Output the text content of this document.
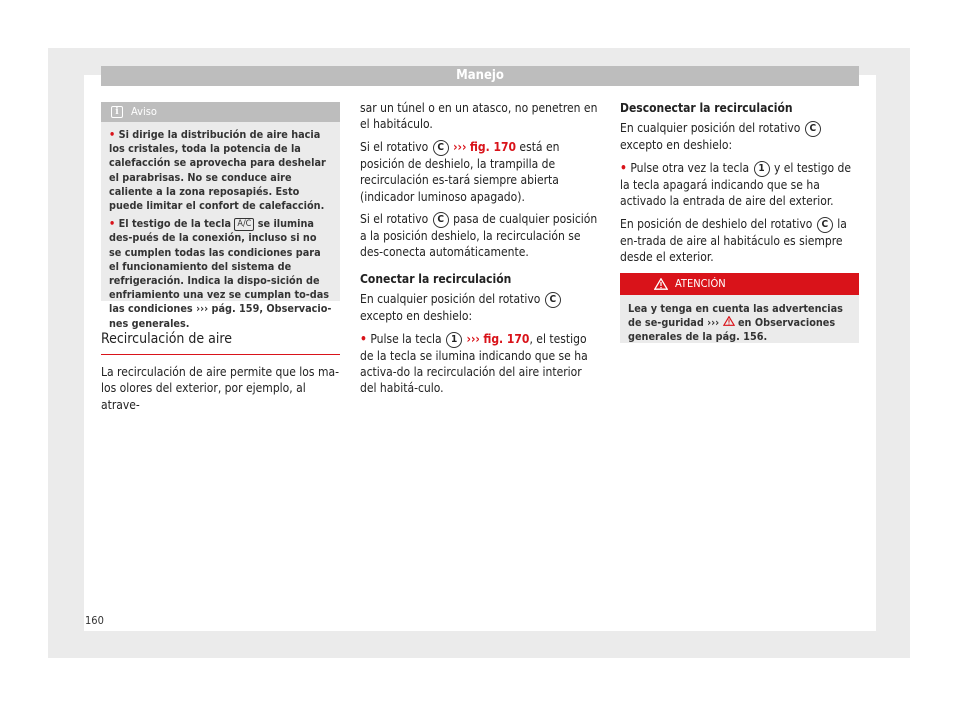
Manejo
i	Aviso

• Si dirige la distribución de aire hacia los cristales, toda la potencia de la calefacción se aprovecha para deshelar el parabrisas. No se conduce aire caliente a la zona reposapiés. Esto puede limitar el confort de calefacción.

• El testigo de la tecla A/C se ilumina des-pués de la conexión, incluso si no se cumplen todas las condiciones para el funcionamiento del sistema de refrigeración. Indica la dispo-sición de enfriamiento una vez se cumplan to-das las condiciones ››› pág. 159, Observacio-nes generales.

Recirculación de aire

La recirculación de aire permite que los ma-los olores del exterior, por ejemplo, al atrave-

sar un túnel o en un atasco, no penetren en el habitáculo.

Si el rotativo C ››› fig. 170 está en posición de deshielo, la trampilla de recirculación es-tará siempre abierta (indicador luminoso apagado).

Si el rotativo C pasa de cualquier posición a la posición deshielo, la recirculación se des-conecta automáticamente.

Conectar la recirculación

En cualquier posición del rotativo C excepto en deshielo:

• Pulse la tecla 1 ››› fig. 170, el testigo de la tecla se ilumina indicando que se ha activa-do la recirculación del aire interior del habitá-culo.

Desconectar la recirculación

En cualquier posición del rotativo C excepto en deshielo:

• Pulse otra vez la tecla 1 y el testigo de la tecla apagará indicando que se ha activado la entrada de aire del exterior.

En posición de deshielo del rotativo C la en-trada de aire al habitáculo es siempre desde el exterior.

ATENCIÓN
Lea y tenga en cuenta las advertencias de se-guridad ››› en Observaciones generales de la pág. 156.
160
